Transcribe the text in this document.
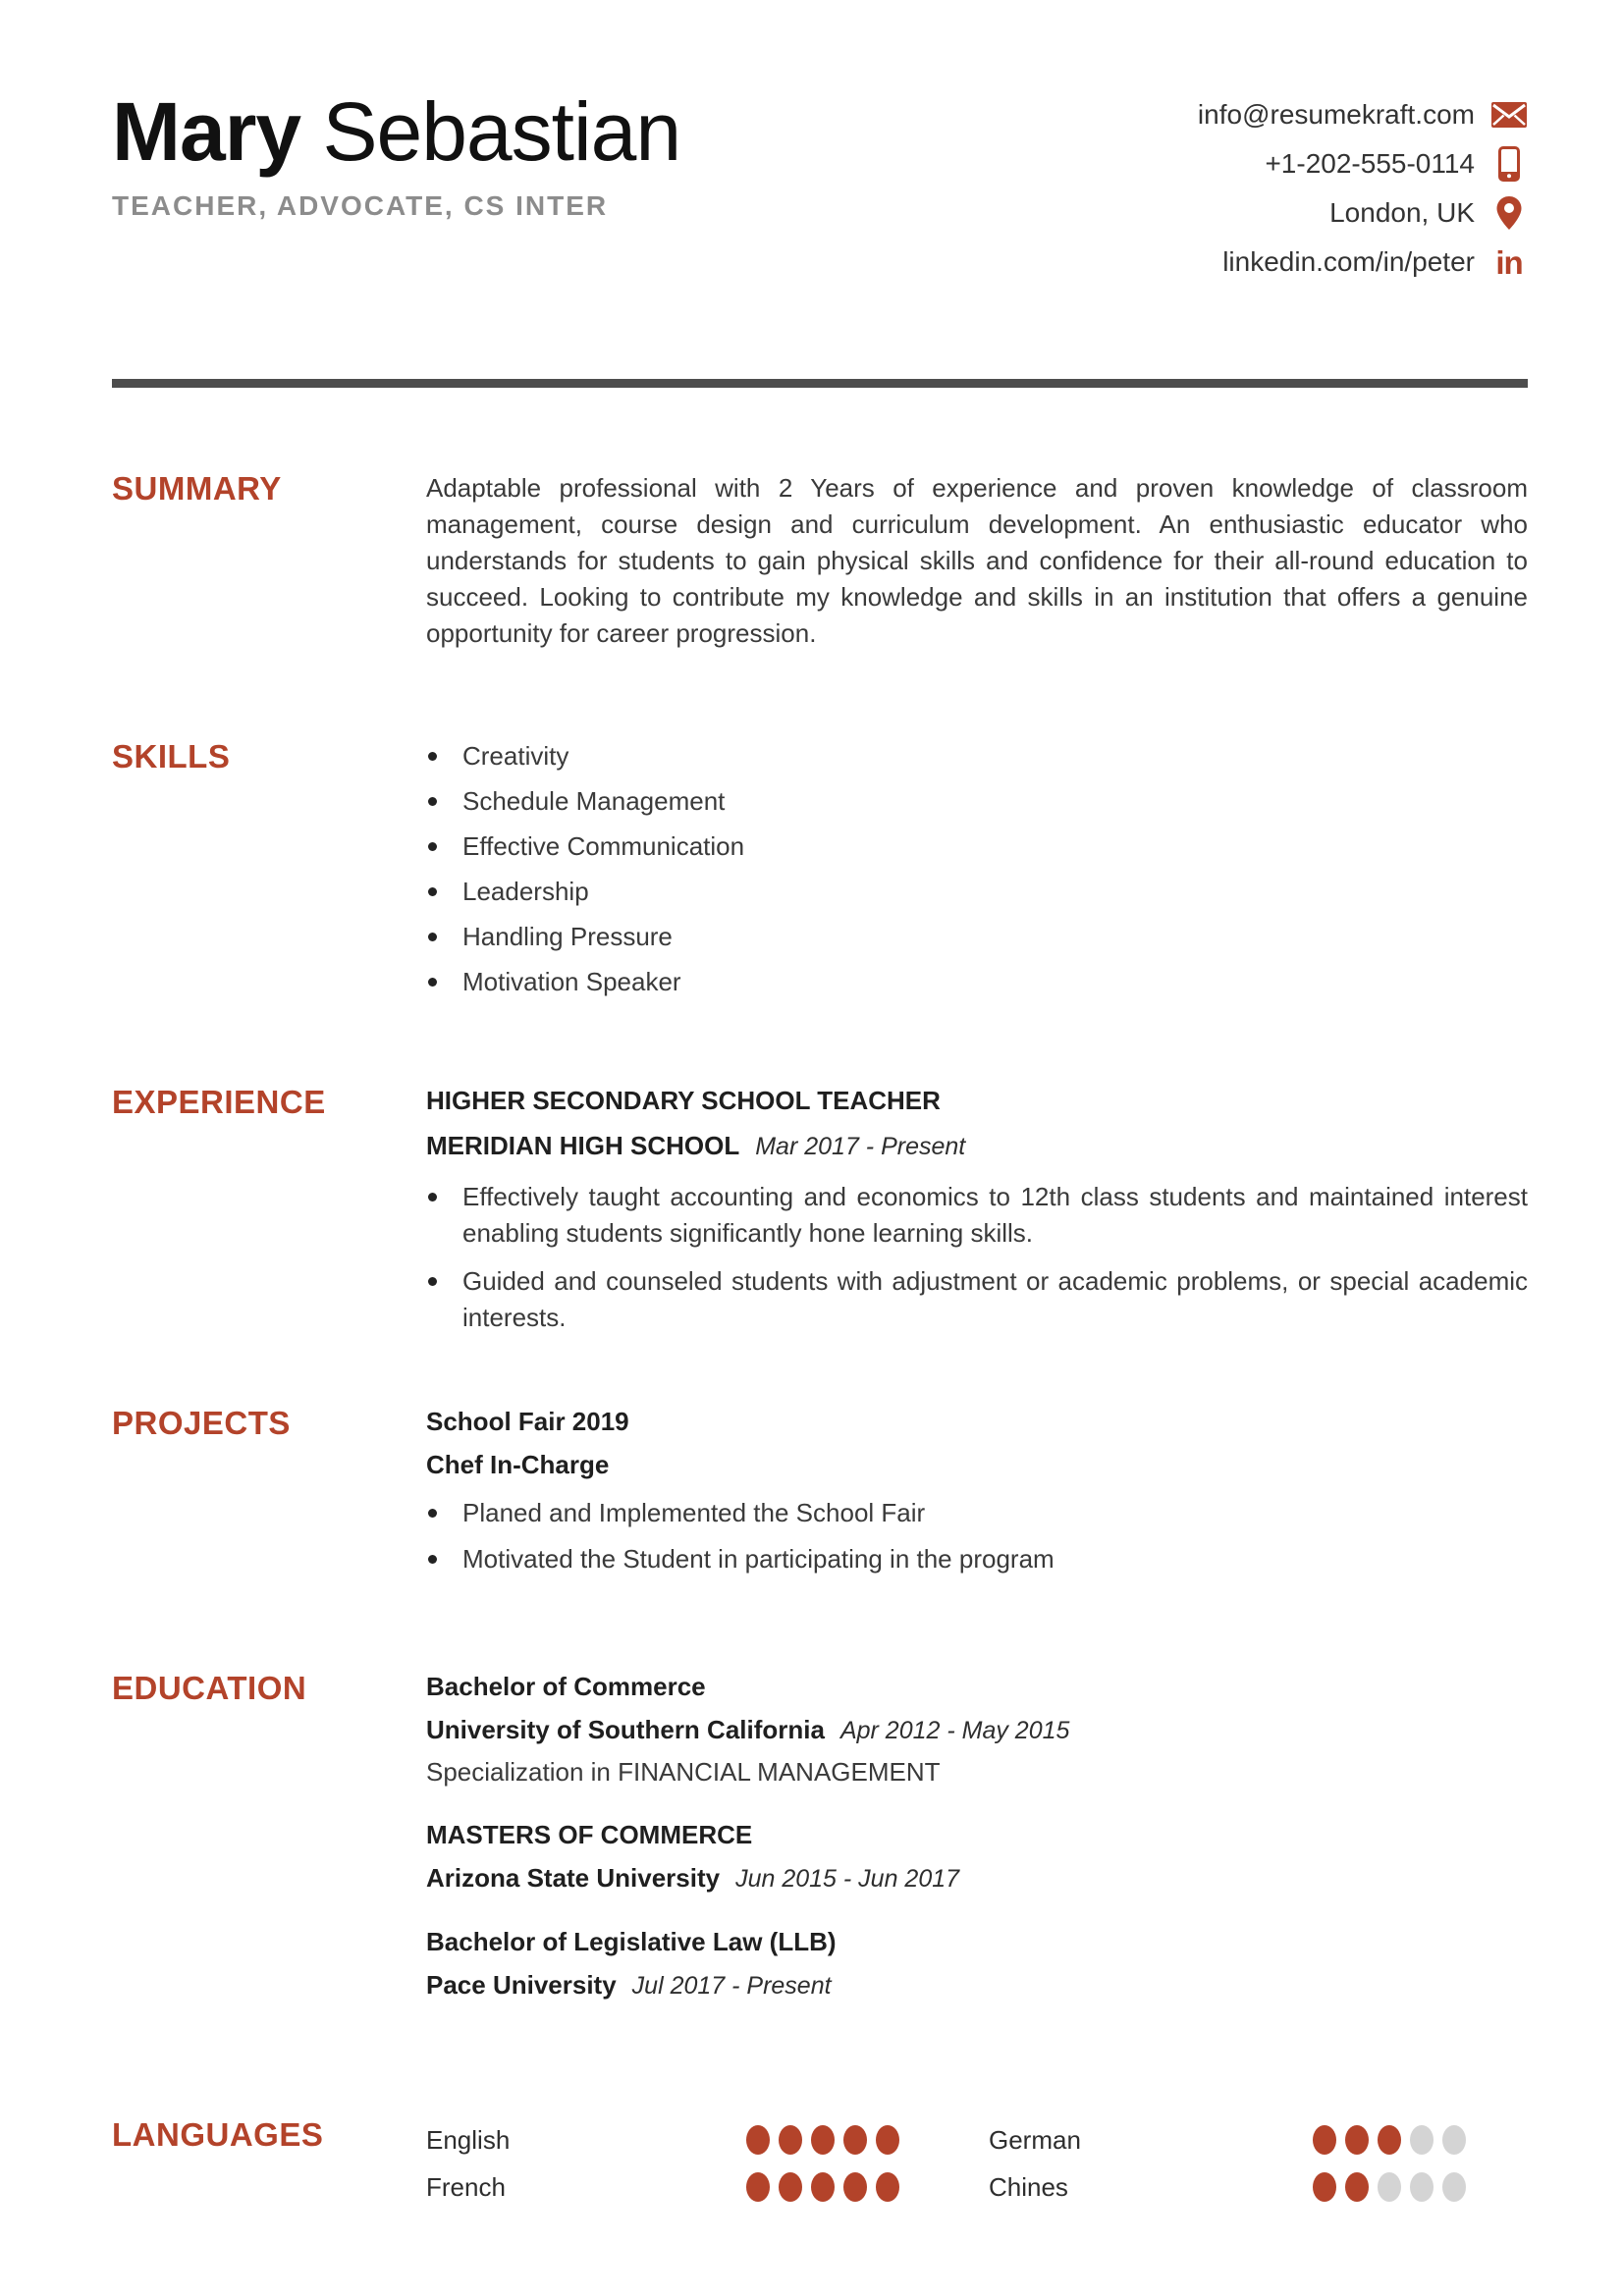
Mary Sebastian
TEACHER, ADVOCATE, CS INTER
info@resumekraft.com
+1-202-555-0114
London, UK
linkedin.com/in/peter in
SUMMARY	Adaptable professional with 2 Years of experience and proven knowledge of classroom management, course design and curriculum development. An enthusiastic educator who understands for students to gain physical skills and confidence for their all-round education to succeed. Looking to contribute my knowledge and skills in an institution that offers a genuine opportunity for career progression.
SKILLS	Creativity
Schedule Management
Effective Communication
Leadership
Handling Pressure
Motivation Speaker
EXPERIENCE	HIGHER SECONDARY SCHOOL TEACHER
MERIDIAN HIGH SCHOOL Mar 2017 - Present
Effectively taught accounting and economics to 12th class students and maintained interest enabling students significantly hone learning skills.
Guided and counseled students with adjustment or academic problems, or special academic interests.
PROJECTS	School Fair 2019
Chef In-Charge
Planed and Implemented the School Fair
Motivated the Student in participating in the program
EDUCATION	Bachelor of Commerce
University of Southern California Apr 2012 - May 2015
Specialization in FINANCIAL MANAGEMENT
MASTERS OF COMMERCE
Arizona State University Jun 2015 - Jun 2017
Bachelor of Legislative Law (LLB)
Pace University Jul 2017 - Present
LANGUAGES	English	German
French	Chines
